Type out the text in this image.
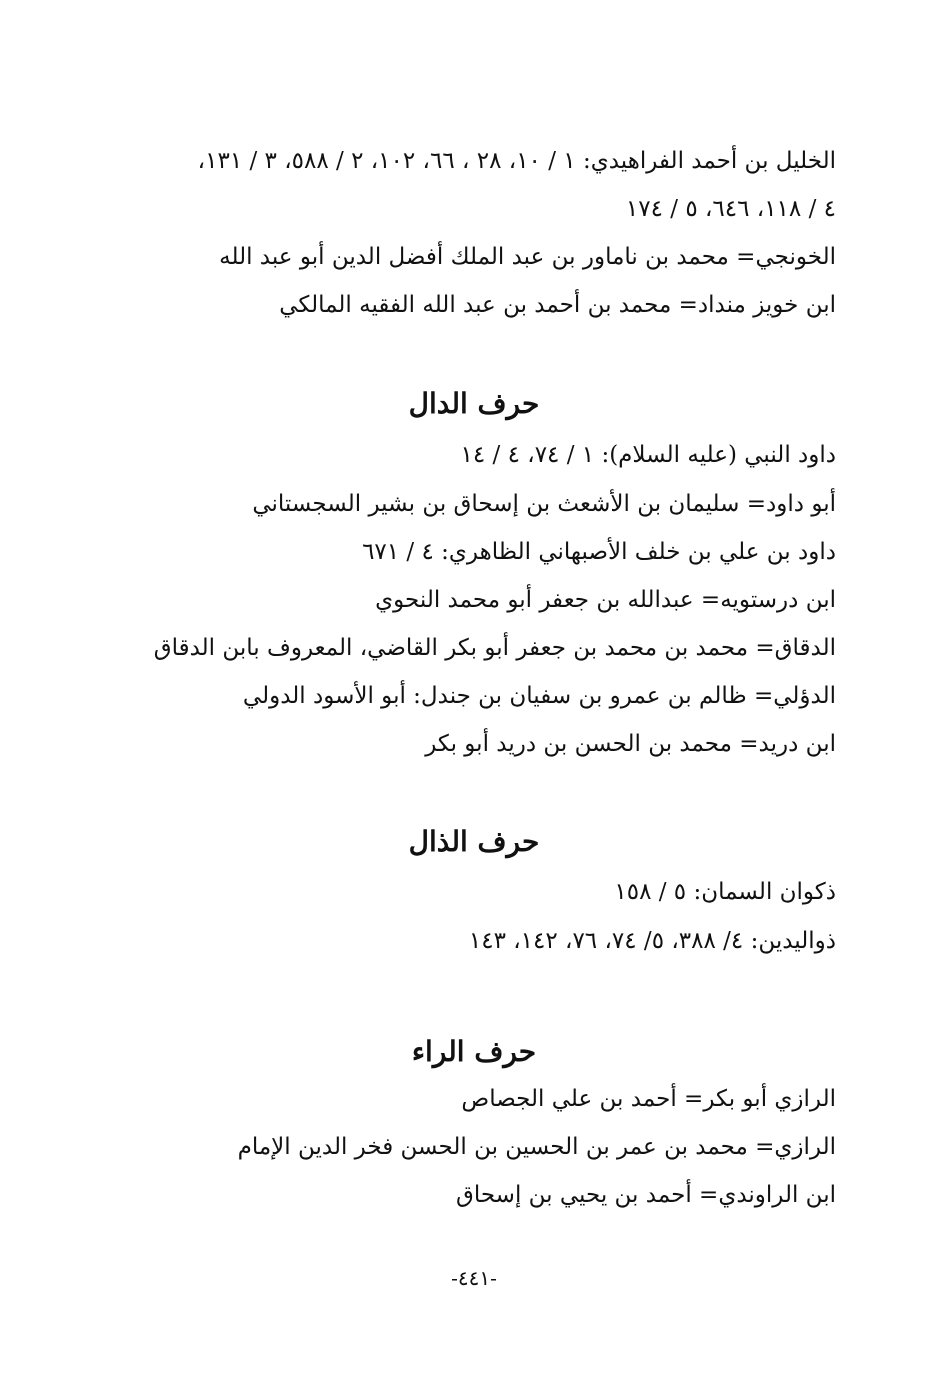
الخليل بن أحمد الفراهيدي: ١ / ١٠، ٢٨ ، ٦٦، ١٠٢، ٢ / ٥٨٨، ٣ / ١٣١،
٤ / ١١٨، ٦٤٦، ٥ / ١٧٤
الخونجي= محمد بن ناماور بن عبد الملك أفضل الدين أبو عبد الله
ابن خويز منداد= محمد بن أحمد بن عبد الله الفقيه المالكي
حرف الدال
داود النبي (عليه السلام): ١ / ٧٤، ٤ / ١٤
أبو داود= سليمان بن الأشعث بن إسحاق بن بشير السجستاني
داود بن علي بن خلف الأصبهاني الظاهري: ٤ / ٦٧١
ابن درستويه= عبدالله بن جعفر أبو محمد النحوي
الدقاق= محمد بن محمد بن جعفر أبو بكر القاضي، المعروف بابن الدقاق
الدؤلي= ظالم بن عمرو بن سفيان بن جندل: أبو الأسود الدولي
ابن دريد= محمد بن الحسن بن دريد أبو بكر
حرف الذال
ذكوان السمان: ٥ / ١٥٨
ذواليدين: ٤/ ٣٨٨، ٥/ ٧٤، ٧٦، ١٤٢، ١٤٣
حرف الراء
الرازي أبو بكر= أحمد بن علي الجصاص
الرازي= محمد بن عمر بن الحسين بن الحسن فخر الدين الإمام
ابن الراوندي= أحمد بن يحيي بن إسحاق
-٤٤١-
